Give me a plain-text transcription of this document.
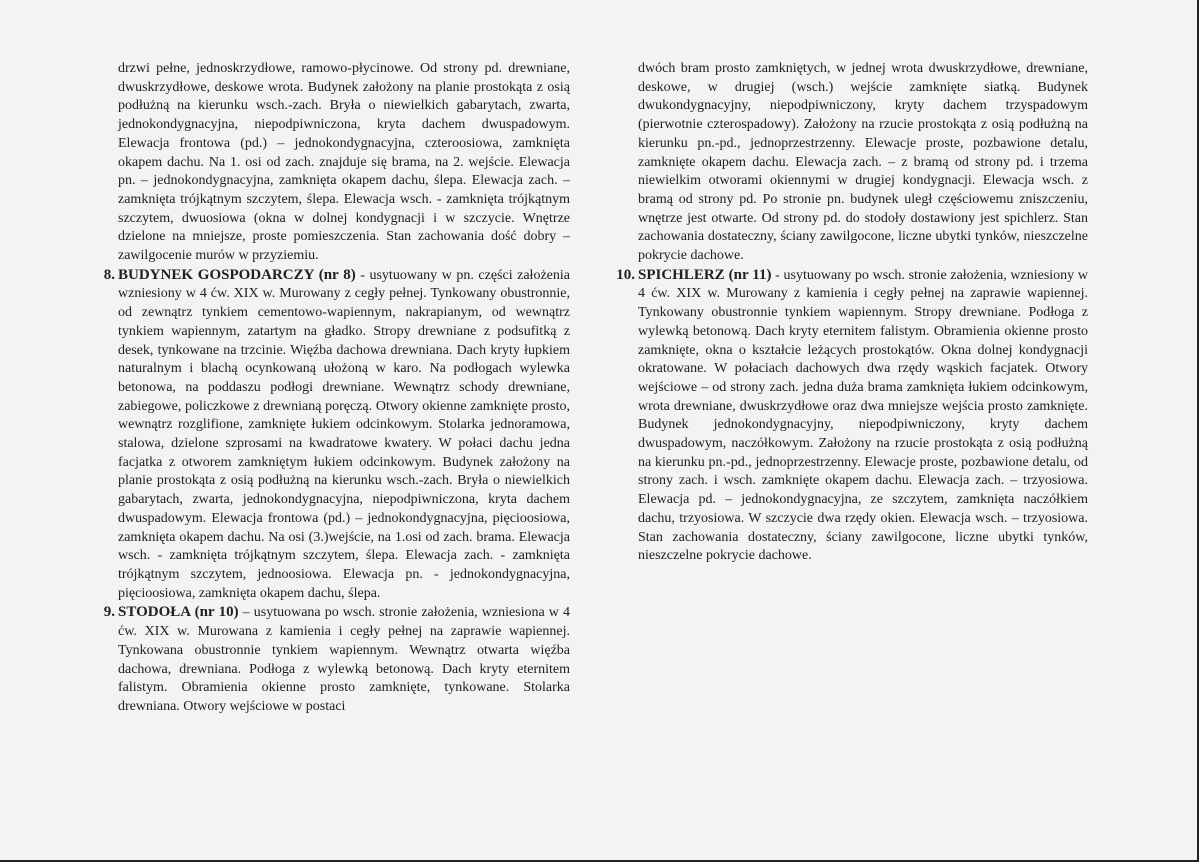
drzwi pełne, jednoskrzydłowe, ramowo-płycinowe. Od strony pd. drewniane, dwuskrzydłowe, deskowe wrota. Budynek założony na planie prostokąta z osią podłużną na kierunku wsch.-zach. Bryła o niewielkich gabarytach, zwarta, jednokondygnacyjna, niepodpiwniczona, kryta dachem dwuspadowym. Elewacja frontowa (pd.) – jednokondygnacyjna, czteroosiowa, zamknięta okapem dachu. Na 1. osi od zach. znajduje się brama, na 2. wejście. Elewacja pn. – jednokondygnacyjna, zamknięta okapem dachu, ślepa. Elewacja zach. – zamknięta trójkątnym szczytem, ślepa. Elewacja wsch. - zamknięta trójkątnym szczytem, dwuosiowa (okna w dolnej kondygnacji i w szczycie. Wnętrze dzielone na mniejsze, proste pomieszczenia. Stan zachowania dość dobry – zawilgocenie murów w przyziemiu.

8. BUDYNEK GOSPODARCZY (nr 8) - usytuowany w pn. części założenia wzniesiony w 4 ćw. XIX w. Murowany z cegły pełnej. Tynkowany obustronnie, od zewnątrz tynkiem cementowo-wapiennym, nakrapianym, od wewnątrz tynkiem wapiennym, zatartym na gładko. Stropy drewniane z podsufitką z desek, tynkowane na trzcinie. Więźba dachowa drewniana. Dach kryty łupkiem naturalnym i blachą ocynkowaną ułożoną w karo. Na podłogach wylewka betonowa, na poddaszu podłogi drewniane. Wewnątrz schody drewniane, zabiegowe, policzkowe z drewnianą poręczą. Otwory okienne zamknięte prosto, wewnątrz rozglifione, zamknięte łukiem odcinkowym. Stolarka jednoramowa, stalowa, dzielone szprosami na kwadratowe kwatery. W połaci dachu jedna facjatka z otworem zamkniętym łukiem odcinkowym. Budynek założony na planie prostokąta z osią podłużną na kierunku wsch.-zach. Bryła o niewielkich gabarytach, zwarta, jednokondygnacyjna, niepodpiwniczona, kryta dachem dwuspadowym. Elewacja frontowa (pd.) – jednokondygnacyjna, pięcioosiowa, zamknięta okapem dachu. Na osi (3.)wejście, na 1.osi od zach. brama. Elewacja wsch. - zamknięta trójkątnym szczytem, ślepa. Elewacja zach. - zamknięta trójkątnym szczytem, jednoosiowa. Elewacja pn. - jednokondygnacyjna, pięcioosiowa, zamknięta okapem dachu, ślepa.

9. STODOŁA (nr 10) – usytuowana po wsch. stronie założenia, wzniesiona w 4 ćw. XIX w. Murowana z kamienia i cegły pełnej na zaprawie wapiennej. Tynkowana obustronnie tynkiem wapiennym. Wewnątrz otwarta więźba dachowa, drewniana. Podłoga z wylewką betonową. Dach kryty eternitem falistym. Obramienia okienne prosto zamknięte, tynkowane. Stolarka drewniana. Otwory wejściowe w postaci

dwóch bram prosto zamkniętych, w jednej wrota dwuskrzydłowe, drewniane, deskowe, w drugiej (wsch.) wejście zamknięte siatką. Budynek dwukondygnacyjny, niepodpiwniczony, kryty dachem trzyspadowym (pierwotnie czterospadowy). Założony na rzucie prostokąta z osią podłużną na kierunku pn.-pd., jednoprzestrzenny. Elewacje proste, pozbawione detalu, zamknięte okapem dachu. Elewacja zach. – z bramą od strony pd. i trzema niewielkim otworami okiennymi w drugiej kondygnacji. Elewacja wsch. z bramą od strony pd. Po stronie pn. budynek uległ częściowemu zniszczeniu, wnętrze jest otwarte. Od strony pd. do stodoły dostawiony jest spichlerz. Stan zachowania dostateczny, ściany zawilgocone, liczne ubytki tynków, nieszczelne pokrycie dachowe.

10. SPICHLERZ (nr 11) - usytuowany po wsch. stronie założenia, wzniesiony w 4 ćw. XIX w. Murowany z kamienia i cegły pełnej na zaprawie wapiennej. Tynkowany obustronnie tynkiem wapiennym. Stropy drewniane. Podłoga z wylewką betonową. Dach kryty eternitem falistym. Obramienia okienne prosto zamknięte, okna o kształcie leżących prostokątów. Okna dolnej kondygnacji okratowane. W połaciach dachowych dwa rzędy wąskich facjatek. Otwory wejściowe – od strony zach. jedna duża brama zamknięta łukiem odcinkowym, wrota drewniane, dwuskrzydłowe oraz dwa mniejsze wejścia prosto zamknięte. Budynek jednokondygnacyjny, niepodpiwniczony, kryty dachem dwuspadowym, naczółkowym. Założony na rzucie prostokąta z osią podłużną na kierunku pn.-pd., jednoprzestrzenny. Elewacje proste, pozbawione detalu, od strony zach. i wsch. zamknięte okapem dachu. Elewacja zach. – trzyosiowa. Elewacja pd. – jednokondygnacyjna, ze szczytem, zamknięta naczółkiem dachu, trzyosiowa. W szczycie dwa rzędy okien. Elewacja wsch. – trzyosiowa. Stan zachowania dostateczny, ściany zawilgocone, liczne ubytki tynków, nieszczelne pokrycie dachowe.
